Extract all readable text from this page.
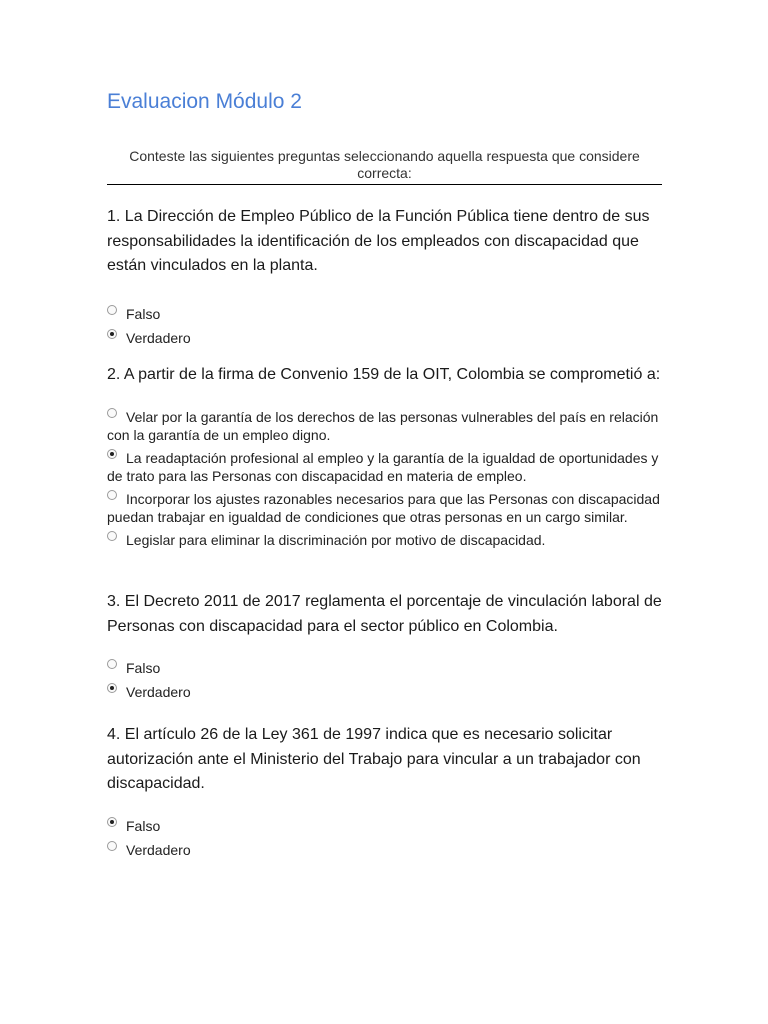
Evaluacion Módulo 2
Conteste las siguientes preguntas seleccionando aquella respuesta que considere correcta:

1. La Dirección de Empleo Público de la Función Pública tiene dentro de sus responsabilidades la identificación de los empleados con discapacidad que están vinculados en la planta.

Falso
Verdadero

2. A partir de la firma de Convenio 159 de la OIT, Colombia se comprometió a:

Velar por la garantía de los derechos de las personas vulnerables del país en relación con la garantía de un empleo digno.
La readaptación profesional al empleo y la garantía de la igualdad de oportunidades y de trato para las Personas con discapacidad en materia de empleo.
Incorporar los ajustes razonables necesarios para que las Personas con discapacidad puedan trabajar en igualdad de condiciones que otras personas en un cargo similar.
Legislar para eliminar la discriminación por motivo de discapacidad.

3. El Decreto 2011 de 2017 reglamenta el porcentaje de vinculación laboral de Personas con discapacidad para el sector público en Colombia.

Falso
Verdadero

4. El artículo 26 de la Ley 361 de 1997 indica que es necesario solicitar autorización ante el Ministerio del Trabajo para vincular a un trabajador con discapacidad.

Falso
Verdadero
